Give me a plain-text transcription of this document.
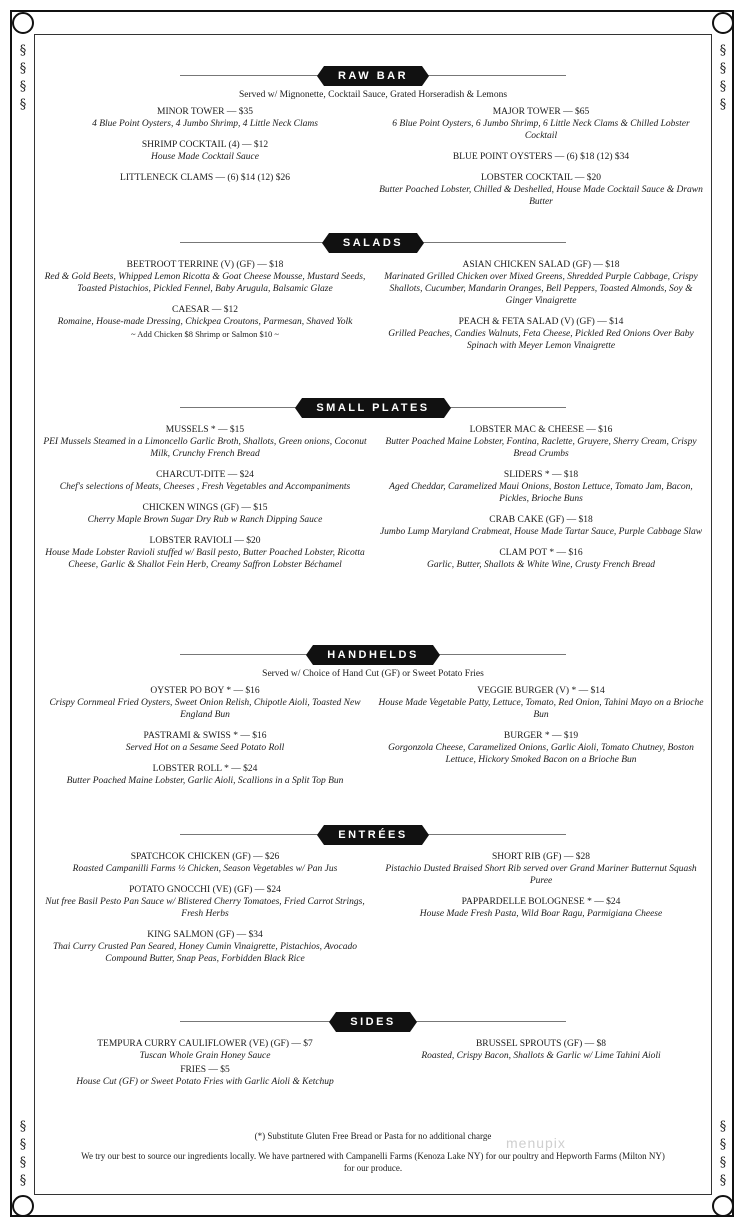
§
§
§
§
§
§
§
§
§
§
§
§
§
§
§
§
RAW BAR
Served w/ Mignonette, Cocktail Sauce, Grated Horseradish & Lemons
MINOR TOWER — $35
4 Blue Point Oysters, 4 Jumbo Shrimp, 4 Little Neck Clams
SHRIMP COCKTAIL (4) — $12
House Made Cocktail Sauce
LITTLENECK CLAMS — (6) $14 (12) $26
MAJOR TOWER — $65
6 Blue Point Oysters, 6 Jumbo Shrimp, 6 Little Neck Clams & Chilled Lobster Cocktail
BLUE POINT OYSTERS — (6) $18 (12) $34
LOBSTER COCKTAIL — $20
Butter Poached Lobster, Chilled & Deshelled, House Made Cocktail Sauce & Drawn Butter
SALADS
BEETROOT TERRINE (V) (GF) — $18
Red & Gold Beets, Whipped Lemon Ricotta & Goat Cheese Mousse, Mustard Seeds, Toasted Pistachios, Pickled Fennel, Baby Arugula, Balsamic Glaze
CAESAR — $12
Romaine, House-made Dressing, Chickpea Croutons, Parmesan, Shaved Yolk
~ Add Chicken $8 Shrimp or Salmon $10 ~
ASIAN CHICKEN SALAD (GF) — $18
Marinated Grilled Chicken over Mixed Greens, Shredded Purple Cabbage, Crispy Shallots, Cucumber, Mandarin Oranges, Bell Peppers, Toasted Almonds, Soy & Ginger Vinaigrette
PEACH & FETA SALAD (V) (GF) — $14
Grilled Peaches, Candies Walnuts, Feta Cheese, Pickled Red Onions Over Baby Spinach with Meyer Lemon Vinaigrette
SMALL PLATES
MUSSELS * — $15
PEI Mussels Steamed in a Limoncello Garlic Broth, Shallots, Green onions, Coconut Milk, Crunchy French Bread
CHARCUT-DITE — $24
Chef's selections of Meats, Cheeses , Fresh Vegetables and Accompaniments
CHICKEN WINGS (GF) — $15
Cherry Maple Brown Sugar Dry Rub w Ranch Dipping Sauce
LOBSTER RAVIOLI — $20
House Made Lobster Ravioli stuffed w/ Basil pesto, Butter Poached Lobster, Ricotta Cheese, Garlic & Shallot Fein Herb, Creamy Saffron Lobster Béchamel
LOBSTER MAC & CHEESE — $16
Butter Poached Maine Lobster, Fontina, Raclette, Gruyere, Sherry Cream, Crispy Bread Crumbs
SLIDERS * — $18
Aged Cheddar, Caramelized Maui Onions, Boston Lettuce, Tomato Jam, Bacon, Pickles, Brioche Buns
CRAB CAKE (GF) — $18
Jumbo Lump Maryland Crabmeat, House Made Tartar Sauce, Purple Cabbage Slaw
CLAM POT * — $16
Garlic, Butter, Shallots & White Wine, Crusty French Bread
HANDHELDS
Served w/ Choice of Hand Cut (GF) or Sweet Potato Fries
OYSTER PO BOY * — $16
Crispy Cornmeal Fried Oysters, Sweet Onion Relish, Chipotle Aioli, Toasted New England Bun
PASTRAMI & SWISS * — $16
Served Hot on a Sesame Seed Potato Roll
LOBSTER ROLL * — $24
Butter Poached Maine Lobster, Garlic Aioli, Scallions in a Split Top Bun
VEGGIE BURGER (V) * — $14
House Made Vegetable Patty, Lettuce, Tomato, Red Onion, Tahini Mayo on a Brioche Bun
BURGER * — $19
Gorgonzola Cheese, Caramelized Onions, Garlic Aioli, Tomato Chutney, Boston Lettuce, Hickory Smoked Bacon on a Brioche Bun
ENTRÉES
SPATCHCOK CHICKEN (GF) — $26
Roasted Campanilli Farms ½ Chicken, Season Vegetables w/ Pan Jus
POTATO GNOCCHI (VE) (GF) — $24
Nut free Basil Pesto Pan Sauce w/ Blistered Cherry Tomatoes, Fried Carrot Strings, Fresh Herbs
KING SALMON (GF) — $34
Thai Curry Crusted Pan Seared, Honey Cumin Vinaigrette, Pistachios, Avocado Compound Butter, Snap Peas, Forbidden Black Rice
SHORT RIB (GF) — $28
Pistachio Dusted Braised Short Rib served over Grand Mariner Butternut Squash Puree
PAPPARDELLE BOLOGNESE * — $24
House Made Fresh Pasta, Wild Boar Ragu, Parmigiana Cheese
SIDES
TEMPURA CURRY CAULIFLOWER (VE) (GF) — $7
Tuscan Whole Grain Honey Sauce
FRIES — $5
House Cut (GF) or Sweet Potato Fries with Garlic Aioli & Ketchup
BRUSSEL SPROUTS (GF) — $8
Roasted, Crispy Bacon, Shallots & Garlic w/ Lime Tahini Aioli

(*) Substitute Gluten Free Bread or Pasta for no additional charge

We try our best to source our ingredients locally. We have partnered with Campanelli Farms (Kenoza Lake NY) for our poultry and Hepworth Farms (Milton NY) for our produce.

menupix
